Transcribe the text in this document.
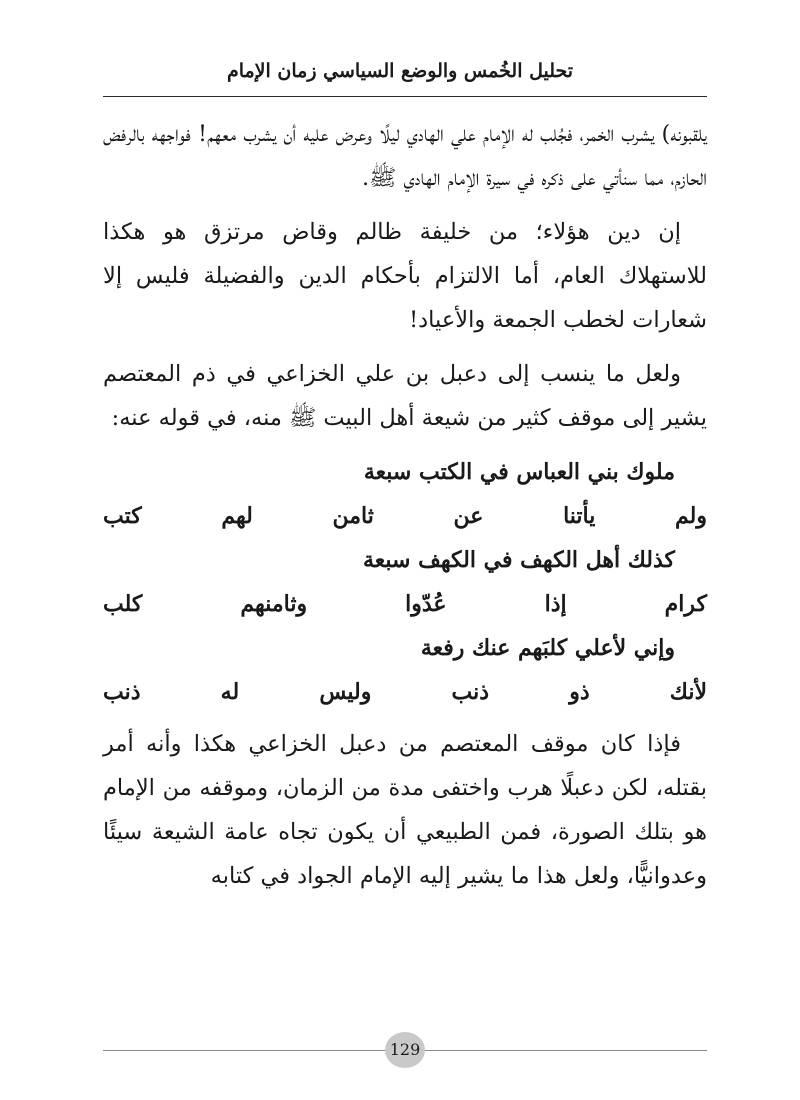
تحليل الخُمس والوضع السياسي زمان الإمام

يلقبونه) يشرب الخمر، فجُلب له الإمام علي الهادي ليلًا وعرض عليه أن يشرب معهم! فواجهه بالرفض الحازم، مما سنأتي على ذكره في سيرة الإمام الهادي ﷺ.

إن دين هؤلاء؛ من خليفة ظالم وقاض مرتزق هو هكذا للاستهلاك العام، أما الالتزام بأحكام الدين والفضيلة فليس إلا شعارات لخطب الجمعة والأعياد!

ولعل ما ينسب إلى دعبل بن علي الخزاعي في ذم المعتصم يشير إلى موقف كثير من شيعة أهل البيت ﷺ منه، في قوله عنه:

ملوك بني العباس في الكتب سبعة
ولم يأتنا عن ثامن لهم كتب
كذلك أهل الكهف في الكهف سبعة
كرام إذا عُدّوا وثامنهم كلب
وإني لأعلي كلبَهم عنك رفعة
لأنك ذو ذنب وليس له ذنب

فإذا كان موقف المعتصم من دعبل الخزاعي هكذا وأنه أمر بقتله، لكن دعبلًا هرب واختفى مدة من الزمان، وموقفه من الإمام هو بتلك الصورة، فمن الطبيعي أن يكون تجاه عامة الشيعة سيئًا وعدوانيًّا، ولعل هذا ما يشير إليه الإمام الجواد في كتابه

129
